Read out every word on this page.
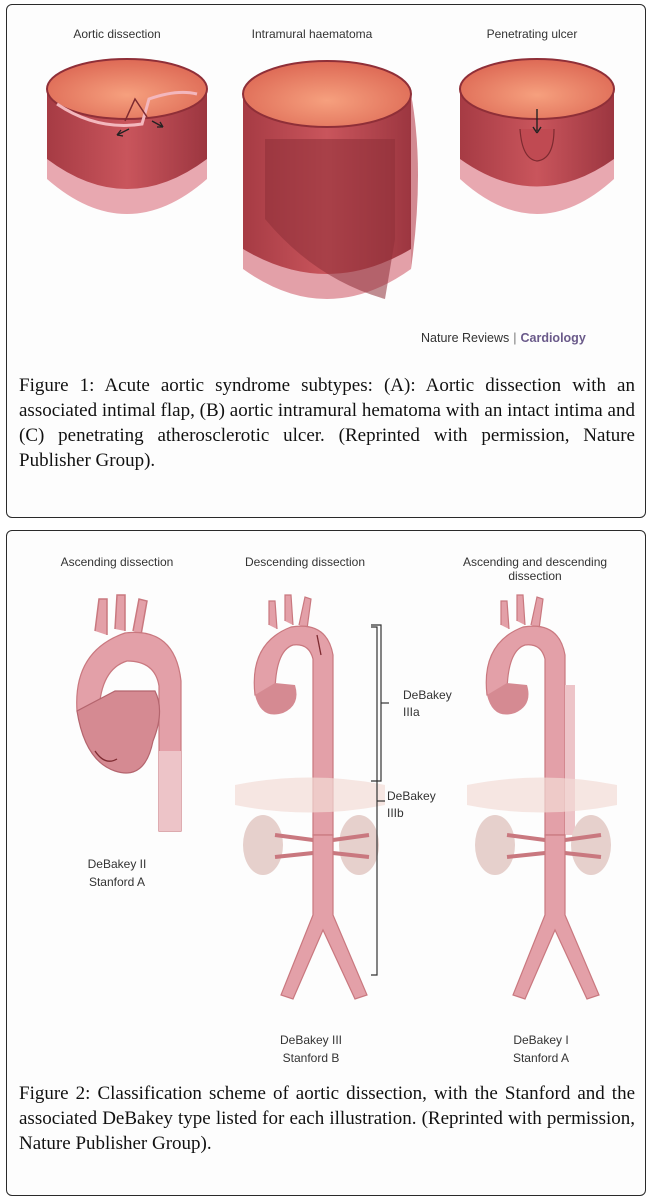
Aortic dissection	Intramural haematoma	Penetrating ulcer
Nature Reviews | Cardiology
Figure 1: Acute aortic syndrome subtypes: (A): Aortic dissection with an associated intimal flap, (B) aortic intramural hematoma with an intact intima and (C) penetrating atherosclerotic ulcer. (Reprinted with permission, Nature Publisher Group).
Ascending dissection	Descending dissection	Ascending and descending dissection
DeBakey IIIa
DeBakey IIIb
DeBakey II
Stanford A
DeBakey III
Stanford B
DeBakey I
Stanford A
Figure 2: Classification scheme of aortic dissection, with the Stanford and the associated DeBakey type listed for each illustration. (Reprinted with permission, Nature Publisher Group).
